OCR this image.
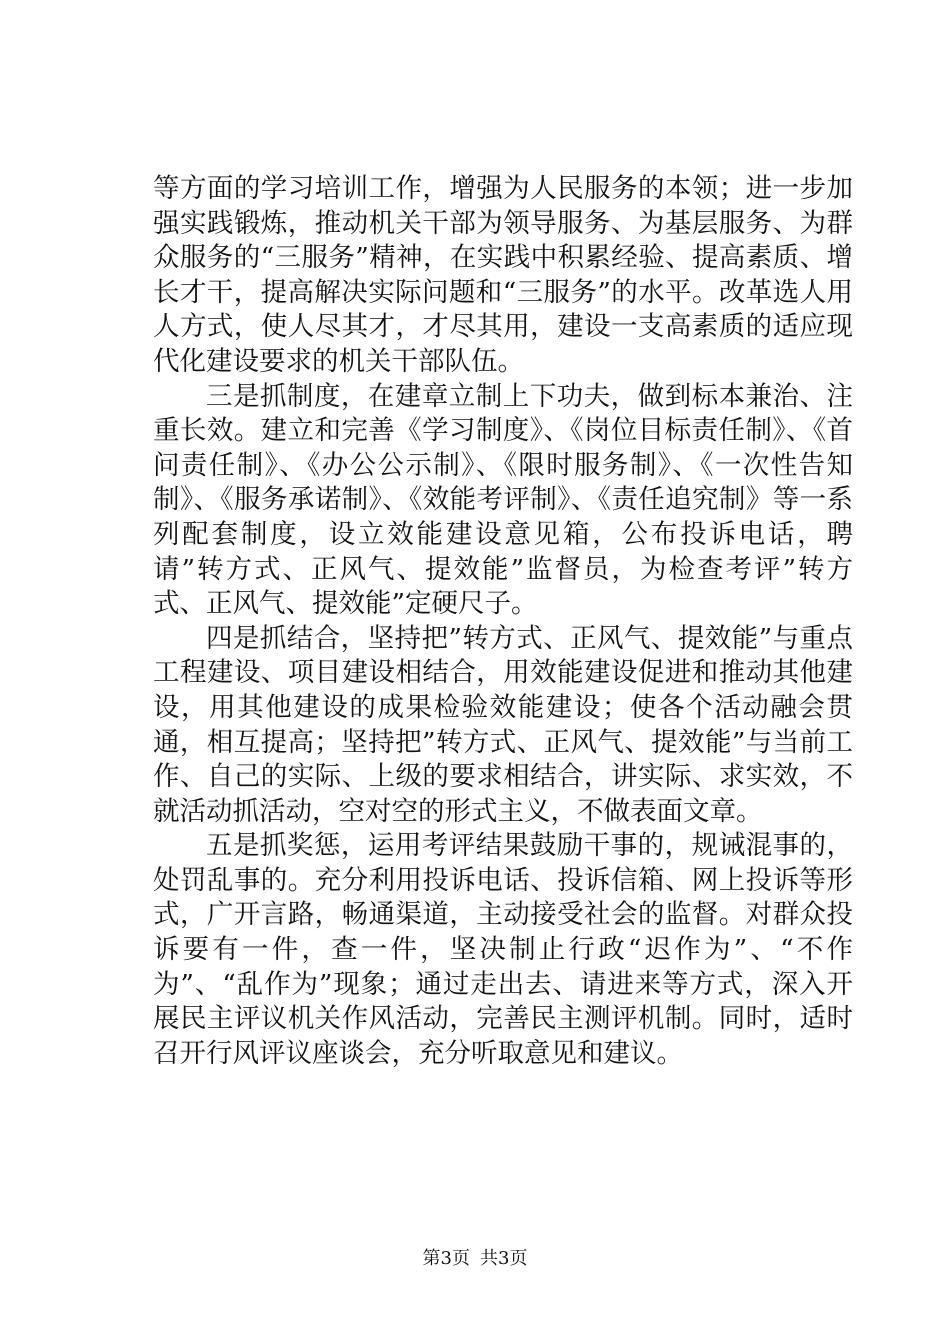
等方面的学习培训工作，增强为人民服务的本领；进一步加强实践锻炼，推动机关干部为领导服务、为基层服务、为群众服务的“三服务”精神，在实践中积累经验、提高素质、增长才干，提高解决实际问题和“三服务”的水平。改革选人用人方式，使人尽其才，才尽其用，建设一支高素质的适应现代化建设要求的机关干部队伍。

三是抓制度，在建章立制上下功夫，做到标本兼治、注重长效。建立和完善《学习制度》、《岗位目标责任制》、《首问责任制》、《办公公示制》、《限时服务制》、《一次性告知制》、《服务承诺制》、《效能考评制》、《责任追究制》等一系列配套制度，设立效能建设意见箱，公布投诉电话，聘请”转方式、正风气、提效能”监督员，为检查考评”转方式、正风气、提效能”定硬尺子。

四是抓结合，坚持把”转方式、正风气、提效能”与重点工程建设、项目建设相结合，用效能建设促进和推动其他建设，用其他建设的成果检验效能建设；使各个活动融会贯通，相互提高；坚持把”转方式、正风气、提效能”与当前工作、自己的实际、上级的要求相结合，讲实际、求实效，不就活动抓活动，空对空的形式主义，不做表面文章。

五是抓奖惩，运用考评结果鼓励干事的，规诫混事的，处罚乱事的。充分利用投诉电话、投诉信箱、网上投诉等形式，广开言路，畅通渠道，主动接受社会的监督。对群众投诉要有一件，查一件，坚决制止行政“迟作为”、“不作为”、“乱作为”现象；通过走出去、请进来等方式，深入开展民主评议机关作风活动，完善民主测评机制。同时，适时召开行风评议座谈会，充分听取意见和建议。

第3页 共3页
